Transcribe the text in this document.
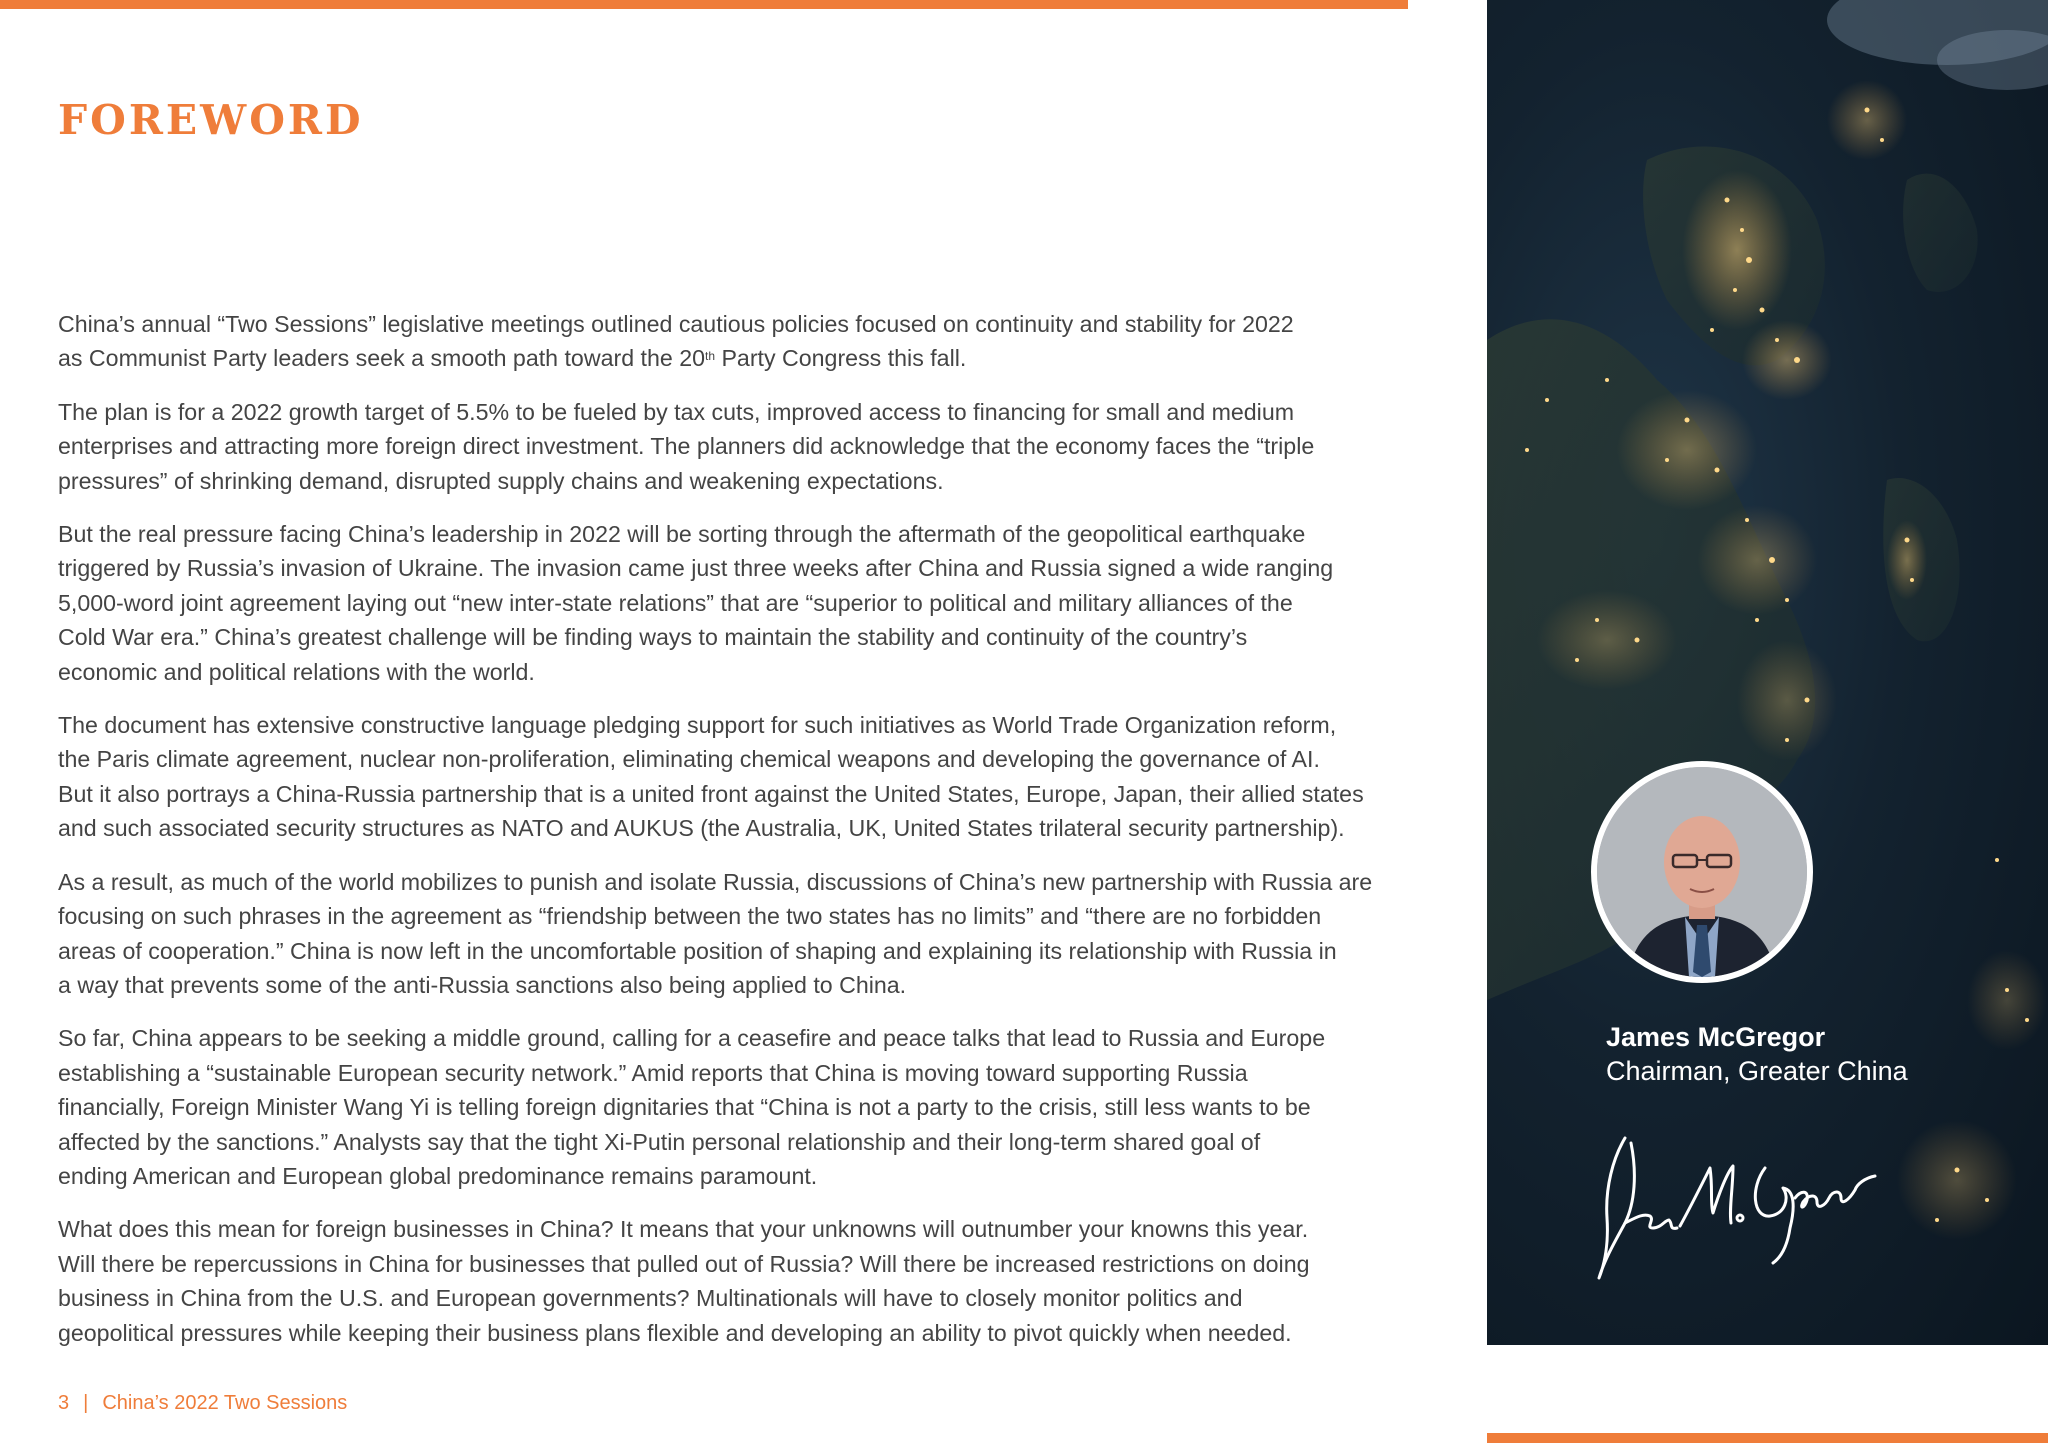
FOREWORD

China’s annual “Two Sessions” legislative meetings outlined cautious policies focused on continuity and stability for 2022
as Communist Party leaders seek a smooth path toward the 20th Party Congress this fall.

The plan is for a 2022 growth target of 5.5% to be fueled by tax cuts, improved access to financing for small and medium
enterprises and attracting more foreign direct investment. The planners did acknowledge that the economy faces the “triple
pressures” of shrinking demand, disrupted supply chains and weakening expectations.

But the real pressure facing China’s leadership in 2022 will be sorting through the aftermath of the geopolitical earthquake
triggered by Russia’s invasion of Ukraine. The invasion came just three weeks after China and Russia signed a wide ranging
5,000-word joint agreement laying out “new inter-state relations” that are “superior to political and military alliances of the
Cold War era.” China’s greatest challenge will be finding ways to maintain the stability and continuity of the country’s
economic and political relations with the world.

The document has extensive constructive language pledging support for such initiatives as World Trade Organization reform,
the Paris climate agreement, nuclear non-proliferation, eliminating chemical weapons and developing the governance of AI.
But it also portrays a China-Russia partnership that is a united front against the United States, Europe, Japan, their allied states
and such associated security structures as NATO and AUKUS (the Australia, UK, United States trilateral security partnership).

As a result, as much of the world mobilizes to punish and isolate Russia, discussions of China’s new partnership with Russia are
focusing on such phrases in the agreement as “friendship between the two states has no limits” and “there are no forbidden
areas of cooperation.” China is now left in the uncomfortable position of shaping and explaining its relationship with Russia in
a way that prevents some of the anti-Russia sanctions also being applied to China.

So far, China appears to be seeking a middle ground, calling for a ceasefire and peace talks that lead to Russia and Europe
establishing a “sustainable European security network.” Amid reports that China is moving toward supporting Russia
financially, Foreign Minister Wang Yi is telling foreign dignitaries that “China is not a party to the crisis, still less wants to be
affected by the sanctions.” Analysts say that the tight Xi-Putin personal relationship and their long-term shared goal of
ending American and European global predominance remains paramount.

What does this mean for foreign businesses in China? It means that your unknowns will outnumber your knowns this year.
Will there be repercussions in China for businesses that pulled out of Russia? Will there be increased restrictions on doing
business in China from the U.S. and European governments? Multinationals will have to closely monitor politics and
geopolitical pressures while keeping their business plans flexible and developing an ability to pivot quickly when needed.

3 | China’s 2022 Two Sessions
James McGregor
Chairman, Greater China
